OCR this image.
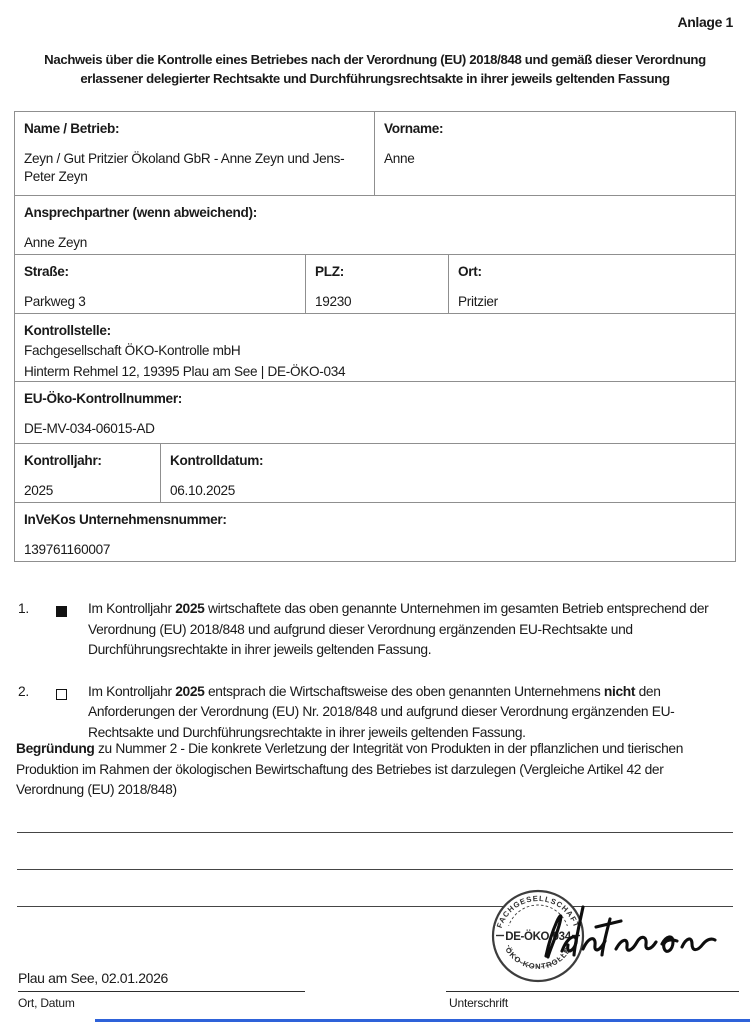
Anlage 1
Nachweis über die Kontrolle eines Betriebes nach der Verordnung (EU) 2018/848 und gemäß dieser Verordnung
erlassener delegierter Rechtsakte und Durchführungsrechtsakte in ihrer jeweils geltenden Fassung
Name / Betrieb:
Zeyn / Gut Pritzier Ökoland GbR - Anne Zeyn und Jens-Peter Zeyn
Vorname:
Anne
Ansprechpartner (wenn abweichend):
Anne Zeyn
Straße:
Parkweg 3
PLZ:
19230
Ort:
Pritzier
Kontrollstelle:
Fachgesellschaft ÖKO-Kontrolle mbH
Hinterm Rehmel 12, 19395 Plau am See | DE-ÖKO-034
EU-Öko-Kontrollnummer:
DE-MV-034-06015-AD
Kontrolljahr:
2025
Kontrolldatum:
06.10.2025
InVeKos Unternehmensnummer:
139761160007
1.	Im Kontrolljahr 2025 wirtschaftete das oben genannte Unternehmen im gesamten Betrieb entsprechend der Verordnung (EU) 2018/848 und aufgrund dieser Verordnung ergänzenden EU-Rechtsakte und Durchführungsrechtakte in ihrer jeweils geltenden Fassung.
2.	Im Kontrolljahr 2025 entsprach die Wirtschaftsweise des oben genannten Unternehmens nicht den Anforderungen der Verordnung (EU) Nr. 2018/848 und aufgrund dieser Verordnung ergänzenden EU-Rechtsakte und Durchführungsrechtakte in ihrer jeweils geltenden Fassung.
Begründung zu Nummer 2 - Die konkrete Verletzung der Integrität von Produkten in der pflanzlichen und tierischen Produktion im Rahmen der ökologischen Bewirtschaftung des Betriebes ist darzulegen (Vergleiche Artikel 42 der Verordnung (EU) 2018/848)
FACHGESELLSCHAFT
ÖKO-KONTROLLE
DE-ÖKO-034
Plau am See, 02.01.2026
Ort, Datum	Unterschrift
